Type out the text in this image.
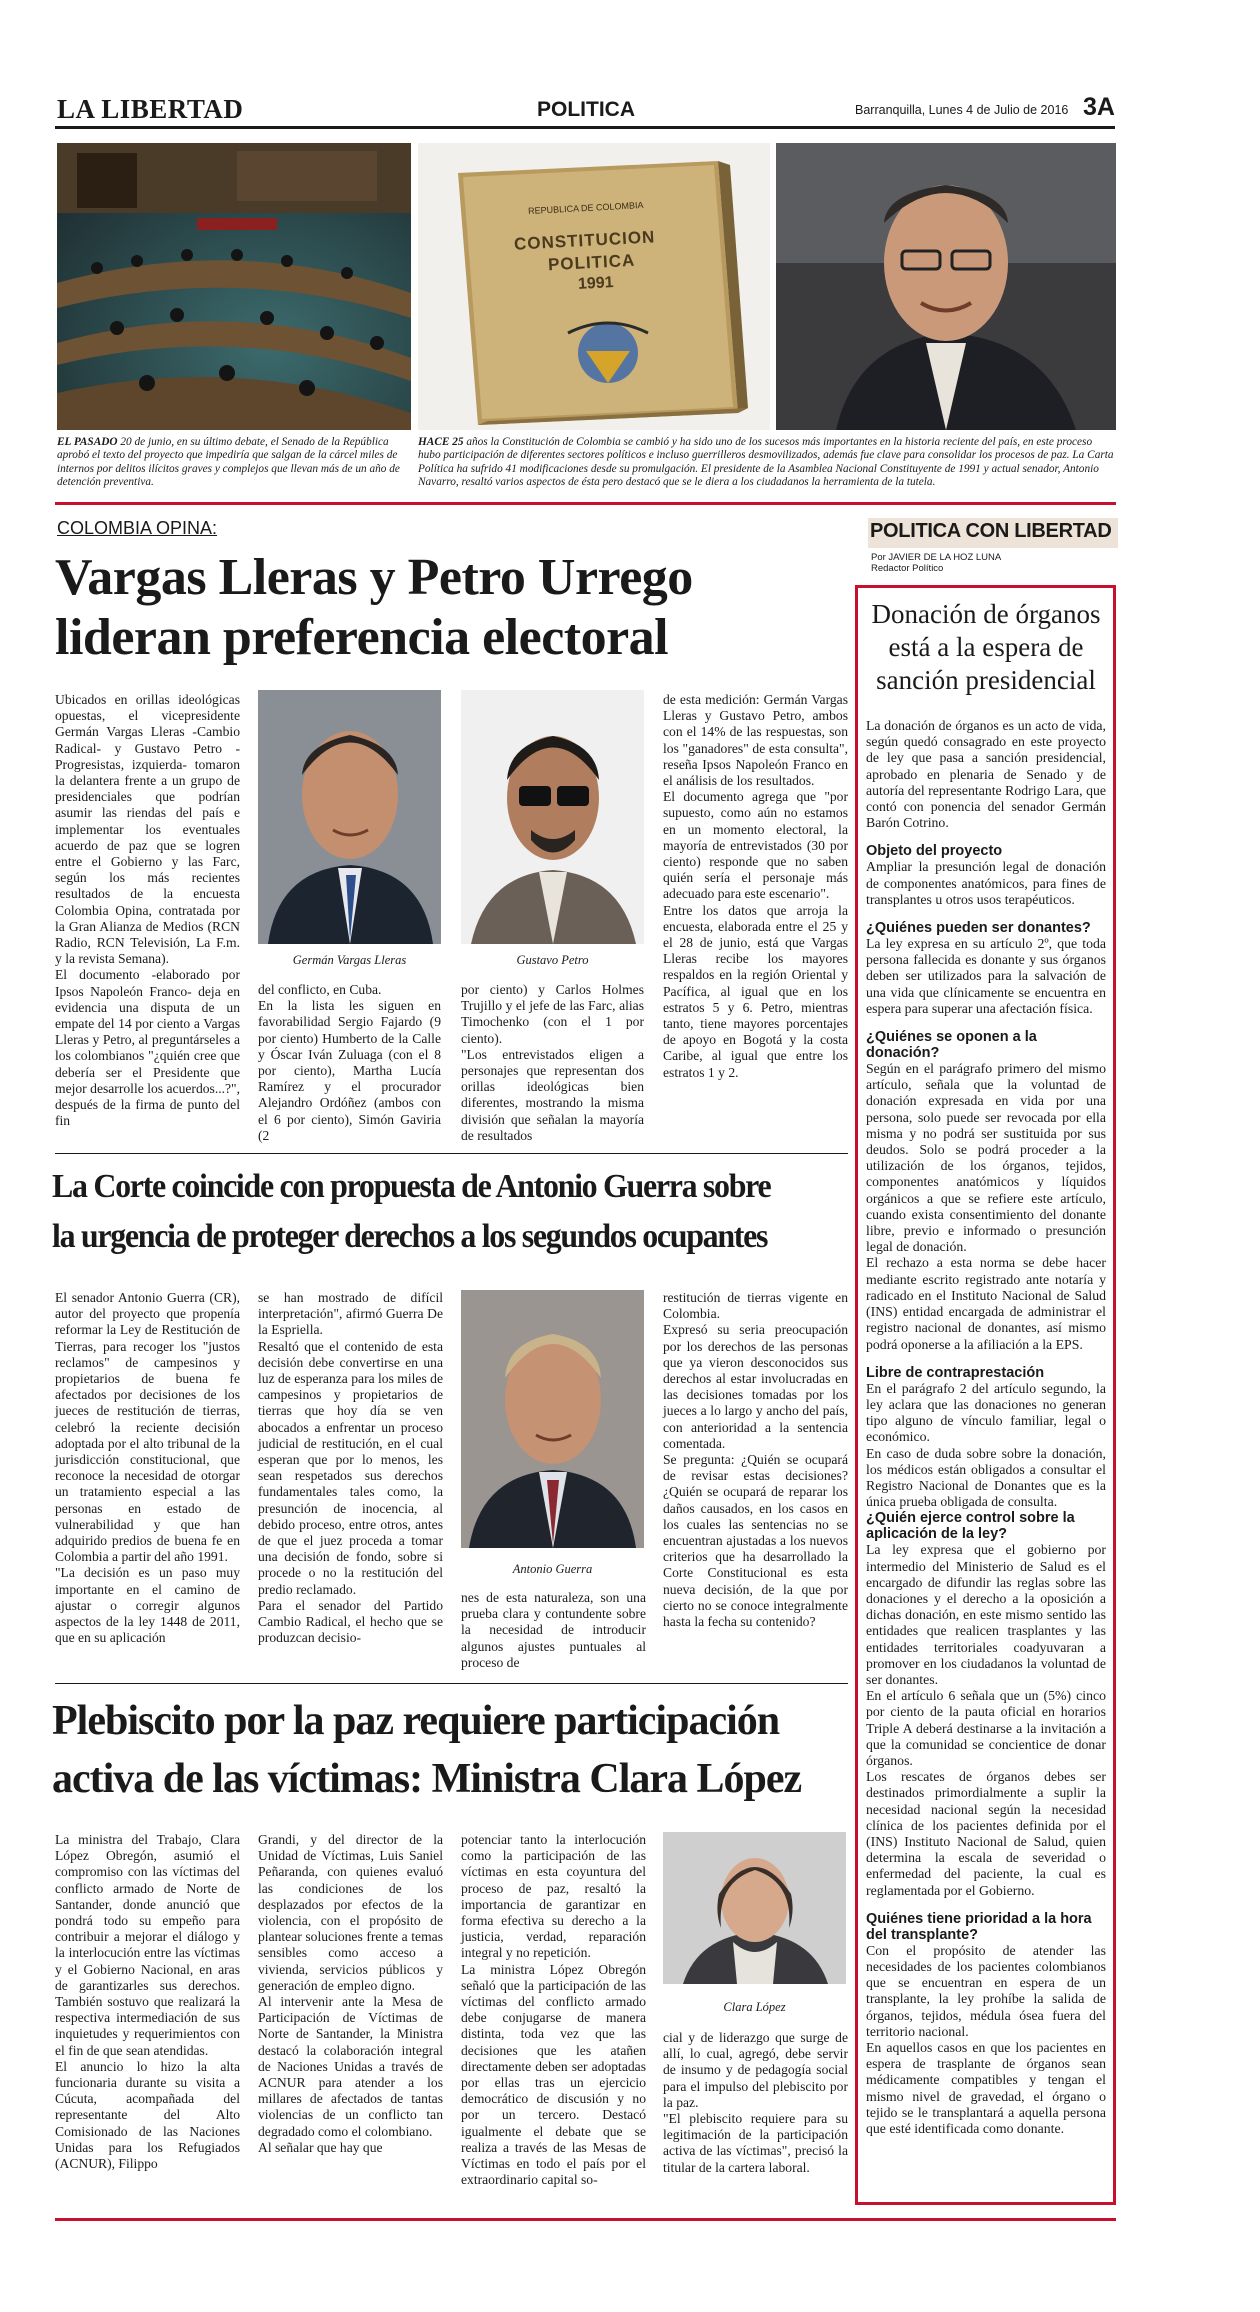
LA LIBERTAD	POLITICA	Barranquilla, Lunes 4 de Julio de 2016 3A
REPUBLICA DE COLOMBIA
CONSTITUCION
POLITICA
1991
EL PASADO 20 de junio, en su último debate, el Senado de la República aprobó el texto del proyecto que impediría que salgan de la cárcel miles de internos por delitos ilícitos graves y complejos que llevan más de un año de detención preventiva.
HACE 25 años la Constitución de Colombia se cambió y ha sido uno de los sucesos más importantes en la historia reciente del país, en este proceso hubo participación de diferentes sectores políticos e incluso guerrilleros desmovilizados, además fue clave para consolidar los procesos de paz. La Carta Política ha sufrido 41 modificaciones desde su promulgación. El presidente de la Asamblea Nacional Constituyente de 1991 y actual senador, Antonio Navarro, resaltó varios aspectos de ésta pero destacó que se le diera a los ciudadanos la herramienta de la tutela.
COLOMBIA OPINA:
Vargas Lleras y Petro Urrego
lideran preferencia electoral

Ubicados en orillas ideológicas opuestas, el vicepresidente Germán Vargas Lleras -Cambio Radical- y Gustavo Petro -Progresistas, izquierda- tomaron la delantera frente a un grupo de presidenciales que podrían asumir las riendas del país e implementar los eventuales acuerdo de paz que se logren entre el Gobierno y las Farc, según los más recientes resultados de la encuesta Colombia Opina, contratada por la Gran Alianza de Medios (RCN Radio, RCN Televisión, La F.m. y la revista Semana).

El documento -elaborado por Ipsos Napoleón Franco- deja en evidencia una disputa de un empate del 14 por ciento a Vargas Lleras y Petro, al preguntárseles a los colombianos "¿quién cree que debería ser el Presidente que mejor desarrolle los acuerdos...?", después de la firma de punto del fin

Germán Vargas Lleras	Gustavo Petro

del conflicto, en Cuba.

En la lista les siguen en favorabilidad Sergio Fajardo (9 por ciento) Humberto de la Calle y Óscar Iván Zuluaga (con el 8 por ciento), Martha Lucía Ramírez y el procurador Alejandro Ordóñez (ambos con el 6 por ciento), Simón Gaviria (2

por ciento) y Carlos Holmes Trujillo y el jefe de las Farc, alias Timochenko (con el 1 por ciento).

"Los entrevistados eligen a personajes que representan dos orillas ideológicas bien diferentes, mostrando la misma división que señalan la mayoría de resultados

de esta medición: Germán Vargas Lleras y Gustavo Petro, ambos con el 14% de las respuestas, son los "ganadores" de esta consulta", reseña Ipsos Napoleón Franco en el análisis de los resultados.

El documento agrega que "por supuesto, como aún no estamos en un momento electoral, la mayoría de entrevistados (30 por ciento) responde que no saben quién sería el personaje más adecuado para este escenario".

Entre los datos que arroja la encuesta, elaborada entre el 25 y el 28 de junio, está que Vargas Lleras recibe los mayores respaldos en la región Oriental y Pacífica, al igual que en los estratos 5 y 6. Petro, mientras tanto, tiene mayores porcentajes de apoyo en Bogotá y la costa Caribe, al igual que entre los estratos 1 y 2.

La Corte coincide con propuesta de Antonio Guerra sobre
la urgencia de proteger derechos a los segundos ocupantes

El senador Antonio Guerra (CR), autor del proyecto que propenía reformar la Ley de Restitución de Tierras, para recoger los "justos reclamos" de campesinos y propietarios de buena fe afectados por decisiones de los jueces de restitución de tierras, celebró la reciente decisión adoptada por el alto tribunal de la jurisdicción constitucional, que reconoce la necesidad de otorgar un tratamiento especial a las personas en estado de vulnerabilidad y que han adquirido predios de buena fe en Colombia a partir del año 1991.

"La decisión es un paso muy importante en el camino de ajustar o corregir algunos aspectos de la ley 1448 de 2011, que en su aplicación

se han mostrado de difícil interpretación", afirmó Guerra De la Espriella.

Resaltó que el contenido de esta decisión debe convertirse en una luz de esperanza para los miles de campesinos y propietarios de tierras que hoy día se ven abocados a enfrentar un proceso judicial de restitución, en el cual esperan que por lo menos, les sean respetados sus derechos fundamentales tales como, la presunción de inocencia, al debido proceso, entre otros, antes de que el juez proceda a tomar una decisión de fondo, sobre si procede o no la restitución del predio reclamado.

Para el senador del Partido Cambio Radical, el hecho que se produzcan decisio-

Antonio Guerra

nes de esta naturaleza, son una prueba clara y contundente sobre la necesidad de introducir algunos ajustes puntuales al proceso de

restitución de tierras vigente en Colombia.

Expresó su seria preocupación por los derechos de las personas que ya vieron desconocidos sus derechos al estar involucradas en las decisiones tomadas por los jueces a lo largo y ancho del país, con anterioridad a la sentencia comentada.

Se pregunta: ¿Quién se ocupará de revisar estas decisiones? ¿Quién se ocupará de reparar los daños causados, en los casos en los cuales las sentencias no se encuentran ajustadas a los nuevos criterios que ha desarrollado la Corte Constitucional es esta nueva decisión, de la que por cierto no se conoce integralmente hasta la fecha su contenido?

Plebiscito por la paz requiere participación
activa de las víctimas: Ministra Clara López

La ministra del Trabajo, Clara López Obregón, asumió el compromiso con las víctimas del conflicto armado de Norte de Santander, donde anunció que pondrá todo su empeño para contribuir a mejorar el diálogo y la interlocución entre las víctimas y el Gobierno Nacional, en aras de garantizarles sus derechos. También sostuvo que realizará la respectiva intermediación de sus inquietudes y requerimientos con el fin de que sean atendidas.

El anuncio lo hizo la alta funcionaria durante su visita a Cúcuta, acompañada del representante del Alto Comisionado de las Naciones Unidas para los Refugiados (ACNUR), Filippo

Grandi, y del director de la Unidad de Víctimas, Luis Saniel Peñaranda, con quienes evaluó las condiciones de los desplazados por efectos de la violencia, con el propósito de plantear soluciones frente a temas sensibles como acceso a vivienda, servicios públicos y generación de empleo digno.

Al intervenir ante la Mesa de Participación de Víctimas de Norte de Santander, la Ministra destacó la colaboración integral de Naciones Unidas a través de ACNUR para atender a los millares de afectados de tantas violencias de un conflicto tan degradado como el colombiano.

Al señalar que hay que

potenciar tanto la interlocución como la participación de las víctimas en esta coyuntura del proceso de paz, resaltó la importancia de garantizar en forma efectiva su derecho a la justicia, verdad, reparación integral y no repetición.

La ministra López Obregón señaló que la participación de las víctimas del conflicto armado debe conjugarse de manera distinta, toda vez que las decisiones que les atañen directamente deben ser adoptadas por ellas tras un ejercicio democrático de discusión y no por un tercero. Destacó igualmente el debate que se realiza a través de las Mesas de Víctimas en todo el país por el extraordinario capital so-

Clara López

cial y de liderazgo que surge de allí, lo cual, agregó, debe servir de insumo y de pedagogía social para el impulso del plebiscito por la paz.

"El plebiscito requiere para su legitimación de la participación activa de las víctimas", precisó la titular de la cartera laboral.

POLITICA CON LIBERTAD
Por JAVIER DE LA HOZ LUNA
Redactor Político
Donación de órganos está a la espera de sanción presidencial

La donación de órganos es un acto de vida, según quedó consagrado en este proyecto de ley que pasa a sanción presidencial, aprobado en plenaria de Senado y de autoría del representante Rodrigo Lara, que contó con ponencia del senador Germán Barón Cotrino.

Objeto del proyecto

Ampliar la presunción legal de donación de componentes anatómicos, para fines de transplantes u otros usos terapéuticos.

¿Quiénes pueden ser donantes?

La ley expresa en su artículo 2º, que toda persona fallecida es donante y sus órganos deben ser utilizados para la salvación de una vida que clínicamente se encuentra en espera para superar una afectación física.

¿Quiénes se oponen a la donación?

Según en el parágrafo primero del mismo artículo, señala que la voluntad de donación expresada en vida por una persona, solo puede ser revocada por ella misma y no podrá ser sustituida por sus deudos. Solo se podrá proceder a la utilización de los órganos, tejidos, componentes anatómicos y líquidos orgánicos a que se refiere este artículo, cuando exista consentimiento del donante libre, previo e informado o presunción legal de donación.

El rechazo a esta norma se debe hacer mediante escrito registrado ante notaría y radicado en el Instituto Nacional de Salud (INS) entidad encargada de administrar el registro nacional de donantes, así mismo podrá oponerse a la afiliación a la EPS.

Libre de contraprestación

En el parágrafo 2 del artículo segundo, la ley aclara que las donaciones no generan tipo alguno de vínculo familiar, legal o económico.

En caso de duda sobre sobre la donación, los médicos están obligados a consultar el Registro Nacional de Donantes que es la única prueba obligada de consulta.

¿Quién ejerce control sobre la aplicación de la ley?

La ley expresa que el gobierno por intermedio del Ministerio de Salud es el encargado de difundir las reglas sobre las donaciones y el derecho a la oposición a dichas donación, en este mismo sentido las entidades que realicen trasplantes y las entidades territoriales coadyuvaran a promover en los ciudadanos la voluntad de ser donantes.

En el artículo 6 señala que un (5%) cinco por ciento de la pauta oficial en horarios Triple A deberá destinarse a la invitación a que la comunidad se concientice de donar órganos.

Los rescates de órganos debes ser destinados primordialmente a suplir la necesidad nacional según la necesidad clínica de los pacientes definida por el (INS) Instituto Nacional de Salud, quien determina la escala de severidad o enfermedad del paciente, la cual es reglamentada por el Gobierno.

Quiénes tiene prioridad a la hora del transplante?

Con el propósito de atender las necesidades de los pacientes colombianos que se encuentran en espera de un transplante, la ley prohíbe la salida de órganos, tejidos, médula ósea fuera del territorio nacional.

En aquellos casos en que los pacientes en espera de trasplante de órganos sean médicamente compatibles y tengan el mismo nivel de gravedad, el órgano o tejido se le transplantará a aquella persona que esté identificada como donante.
